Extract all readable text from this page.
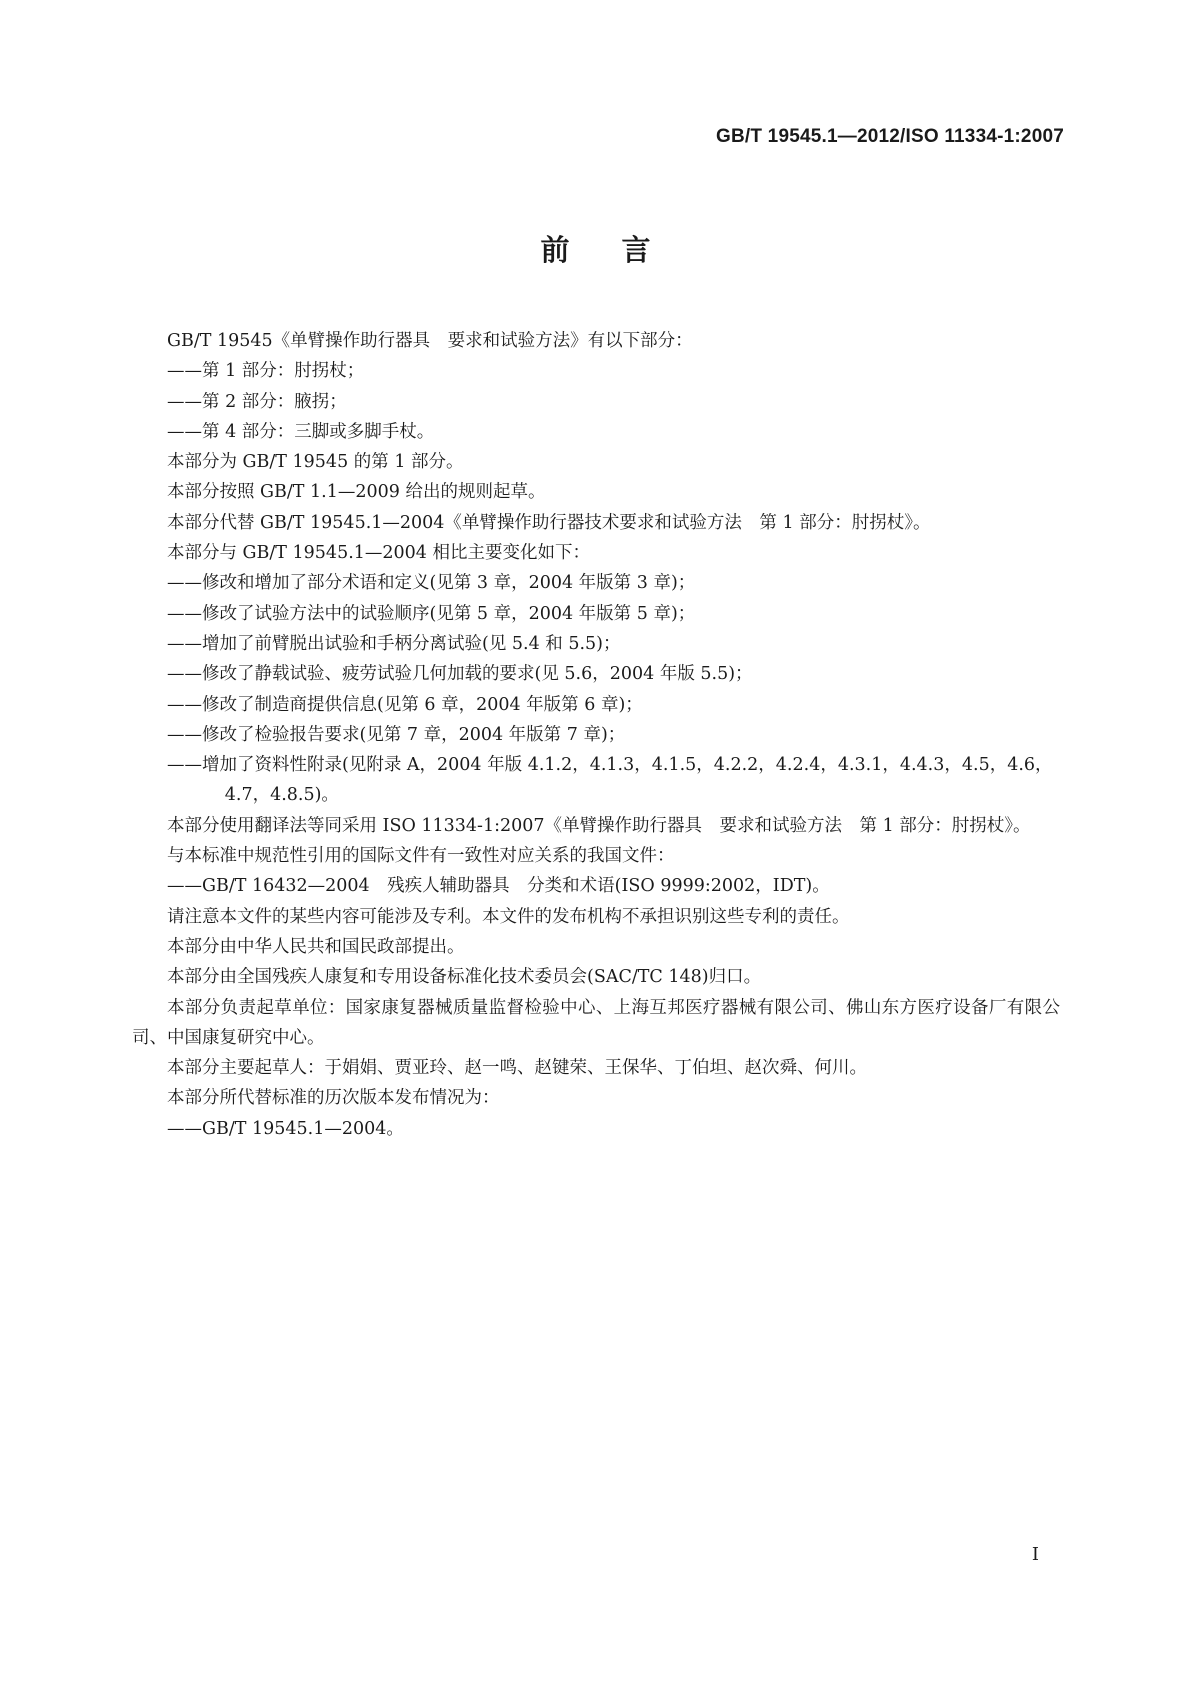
GB/T 19545.1—2012/ISO 11334-1:2007
前言

GB/T 19545《单臂操作助行器具　要求和试验方法》有以下部分：

——第 1 部分：肘拐杖；

——第 2 部分：腋拐；

——第 4 部分：三脚或多脚手杖。

本部分为 GB/T 19545 的第 1 部分。

本部分按照 GB/T 1.1—2009 给出的规则起草。

本部分代替 GB/T 19545.1—2004《单臂操作助行器技术要求和试验方法　第 1 部分：肘拐杖》。

本部分与 GB/T 19545.1—2004 相比主要变化如下：

——修改和增加了部分术语和定义(见第 3 章，2004 年版第 3 章)；

——修改了试验方法中的试验顺序(见第 5 章，2004 年版第 5 章)；

——增加了前臂脱出试验和手柄分离试验(见 5.4 和 5.5)；

——修改了静载试验、疲劳试验几何加载的要求(见 5.6，2004 年版 5.5)；

——修改了制造商提供信息(见第 6 章，2004 年版第 6 章)；

——修改了检验报告要求(见第 7 章，2004 年版第 7 章)；

——增加了资料性附录(见附录 A，2004 年版 4.1.2，4.1.3，4.1.5，4.2.2，4.2.4，4.3.1，4.4.3，4.5，4.6，4.7，4.8.5)。

本部分使用翻译法等同采用 ISO 11334-1:2007《单臂操作助行器具　要求和试验方法　第 1 部分：肘拐杖》。

与本标准中规范性引用的国际文件有一致性对应关系的我国文件：

——GB/T 16432—2004　残疾人辅助器具　分类和术语(ISO 9999:2002，IDT)。

请注意本文件的某些内容可能涉及专利。本文件的发布机构不承担识别这些专利的责任。

本部分由中华人民共和国民政部提出。

本部分由全国残疾人康复和专用设备标准化技术委员会(SAC/TC 148)归口。

本部分负责起草单位：国家康复器械质量监督检验中心、上海互邦医疗器械有限公司、佛山东方医疗设备厂有限公司、中国康复研究中心。

本部分主要起草人：于娟娟、贾亚玲、赵一鸣、赵键荣、王保华、丁伯坦、赵次舜、何川。

本部分所代替标准的历次版本发布情况为：

——GB/T 19545.1—2004。

I
